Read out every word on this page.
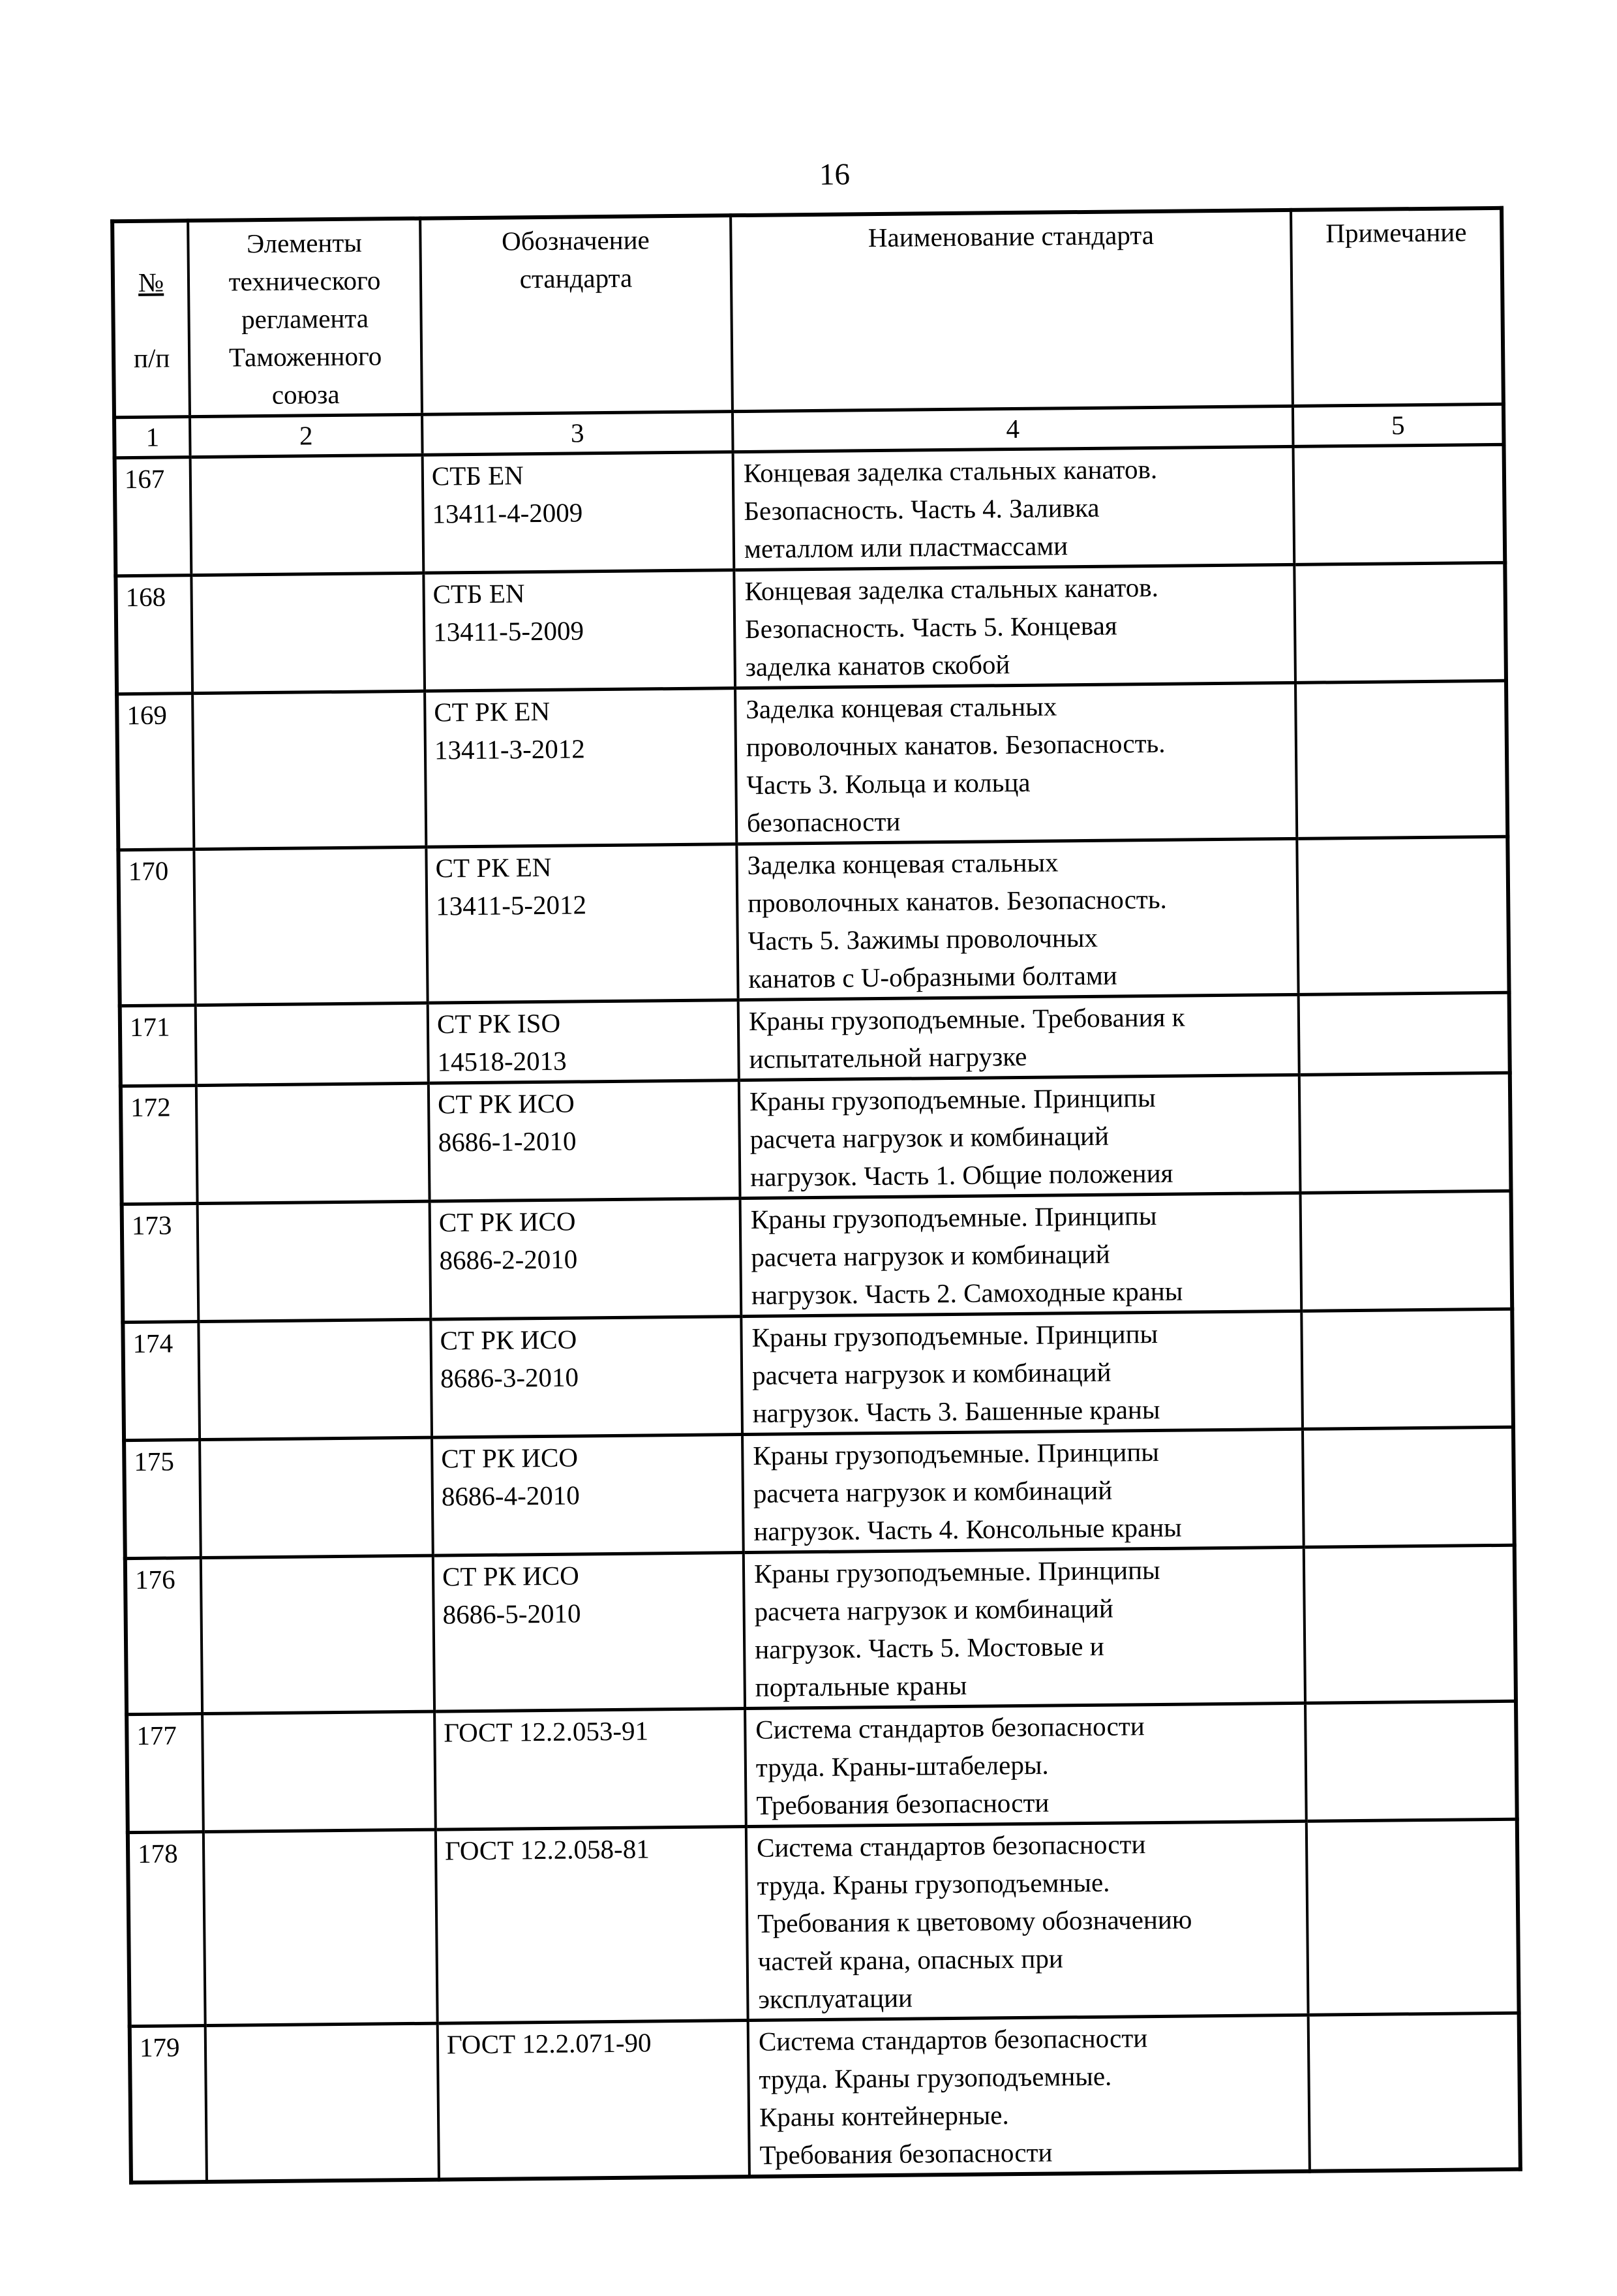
16

№

п/п	Элементы технического регламента Таможенного союза	Обозначение
стандарта	Наименование стандарта	Примечание
1	2	3	4	5
167		СТБ EN
13411-4-2009	Концевая заделка стальных канатов.
Безопасность. Часть 4. Заливка
металлом или пластмассами	
168		СТБ EN
13411-5-2009	Концевая заделка стальных канатов.
Безопасность. Часть 5. Концевая
заделка канатов скобой	
169		СТ РК EN
13411-3-2012	Заделка концевая стальных
проволочных канатов. Безопасность.
Часть 3. Кольца и кольца
безопасности	
170		СТ РК EN
13411-5-2012	Заделка концевая стальных
проволочных канатов. Безопасность.
Часть 5. Зажимы проволочных
канатов с U-образными болтами	
171		СТ РК ISO
14518-2013	Краны грузоподъемные. Требования к
испытательной нагрузке	
172		СТ РК ИСО
8686-1-2010	Краны грузоподъемные. Принципы
расчета нагрузок и комбинаций
нагрузок. Часть 1. Общие положения	
173		СТ РК ИСО
8686-2-2010	Краны грузоподъемные. Принципы
расчета нагрузок и комбинаций
нагрузок. Часть 2. Самоходные краны	
174		СТ РК ИСО
8686-3-2010	Краны грузоподъемные. Принципы
расчета нагрузок и комбинаций
нагрузок. Часть 3. Башенные краны	
175		СТ РК ИСО
8686-4-2010	Краны грузоподъемные. Принципы
расчета нагрузок и комбинаций
нагрузок. Часть 4. Консольные краны	
176		СТ РК ИСО
8686-5-2010	Краны грузоподъемные. Принципы
расчета нагрузок и комбинаций
нагрузок. Часть 5. Мостовые и
портальные краны	
177		ГОСТ 12.2.053-91	Система стандартов безопасности
труда. Краны-штабелеры.
Требования безопасности	
178		ГОСТ 12.2.058-81	Система стандартов безопасности
труда. Краны грузоподъемные.
Требования к цветовому обозначению
частей крана, опасных при
эксплуатации	
179		ГОСТ 12.2.071-90	Система стандартов безопасности
труда. Краны грузоподъемные.
Краны контейнерные.
Требования безопасности	
